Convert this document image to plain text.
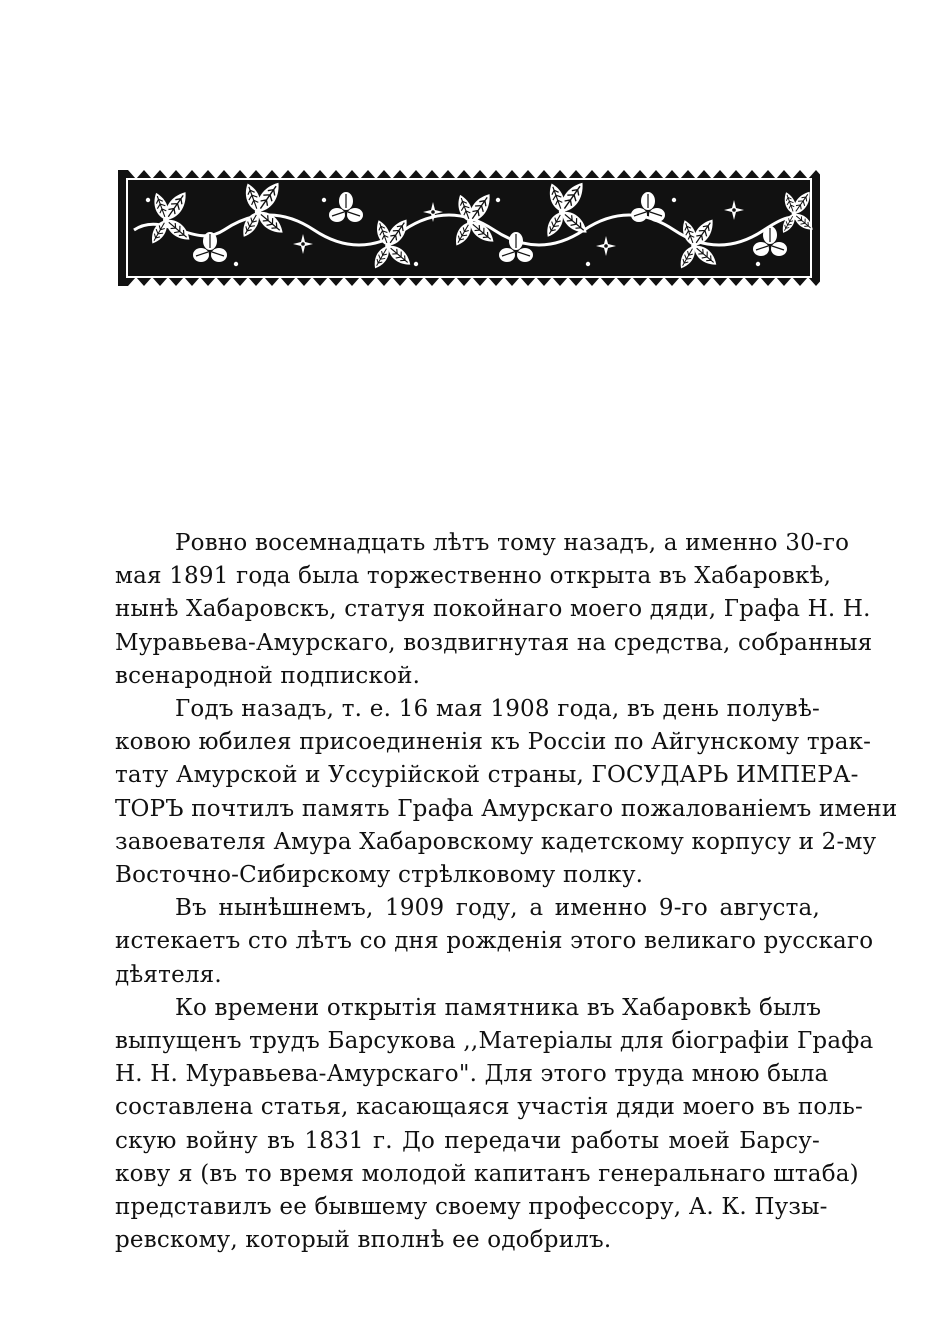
Ровно восемнадцать лѣтъ тому назадъ, а именно 30-го
мая 1891 года была торжественно открыта въ Хабаровкѣ,
нынѣ Хабаровскъ, статуя покойнаго моего дяди, Графа Н. Н.
Муравьева-Амурскаго, воздвигнутая на средства, собранныя
всенародной подпиской.

Годъ назадъ, т. е. 16 мая 1908 года, въ день полувѣ-
ковою юбилея присоединенія къ Россіи по Айгунскому трак-
тату Амурской и Уссурійской страны, ГОСУДАРЬ ИМПЕРА-
ТОРЪ почтилъ память Графа Амурскаго пожалованіемъ имени
завоевателя Амура Хабаровскому кадетскому корпусу и 2-му
Восточно-Сибирскому стрѣлковому полку.

Въ нынѣшнемъ, 1909 году, а именно 9-го августа,
истекаетъ сто лѣтъ со дня рожденія этого великаго русскаго
дѣятеля.

Ко времени открытія памятника въ Хабаровкѣ былъ
выпущенъ трудъ Барсукова ,,Матеріалы для біографіи Графа
Н. Н. Муравьева-Амурскаго". Для этого труда мною была
составлена статья, касающаяся участія дяди моего въ поль-
скую войну въ 1831 г. До передачи работы моей Барсу-
кову я (въ то время молодой капитанъ генеральнаго штаба)
представилъ ее бывшему своему профессору, А. К. Пузы-
ревскому, который вполнѣ ее одобрилъ.
